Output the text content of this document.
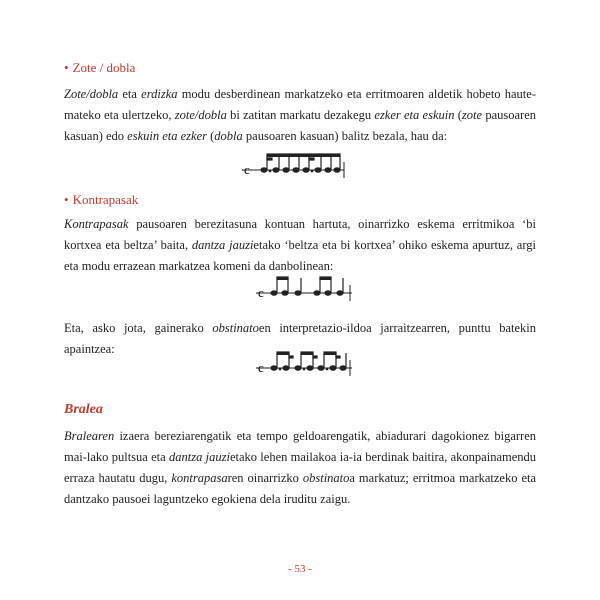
• Zote / dobla
Zote/dobla eta erdizka modu desberdinean markatzeko eta erritmoaren aldetik hobeto haute-mateko eta ulertzeko, zote/dobla bi zatitan markatu dezakegu ezker eta eskuin (zote pausoaren kasuan) edo eskuin eta ezker (dobla pausoaren kasuan) balitz bezala, hau da:
c
• Kontrapasak
Kontrapasak pausoaren berezitasuna kontuan hartuta, oinarrizko eskema erritmikoa ‘bi kortxea eta beltza’ baita, dantza jauzietako ‘beltza eta bi kortxea’ ohiko eskema apurtuz, argi eta modu errazean markatzea komeni da danbolinean:
c
Eta, asko jota, gainerako obstinatoen interpretazio-ildoa jarraitzearren, punttu batekin apaintzea:
c
Bralea
Bralearen izaera bereziarengatik eta tempo geldoarengatik, abiadurari dagokionez bigarren mai-lako pultsua eta dantza jauzietako lehen mailakoa ia-ia berdinak baitira, akonpainamendu erraza hautatu dugu, kontrapasaren oinarrizko obstinatoa markatuz; erritmoa markatzeko eta dantzako pausoei laguntzeko egokiena dela iruditu zaigu.
- 53 -
